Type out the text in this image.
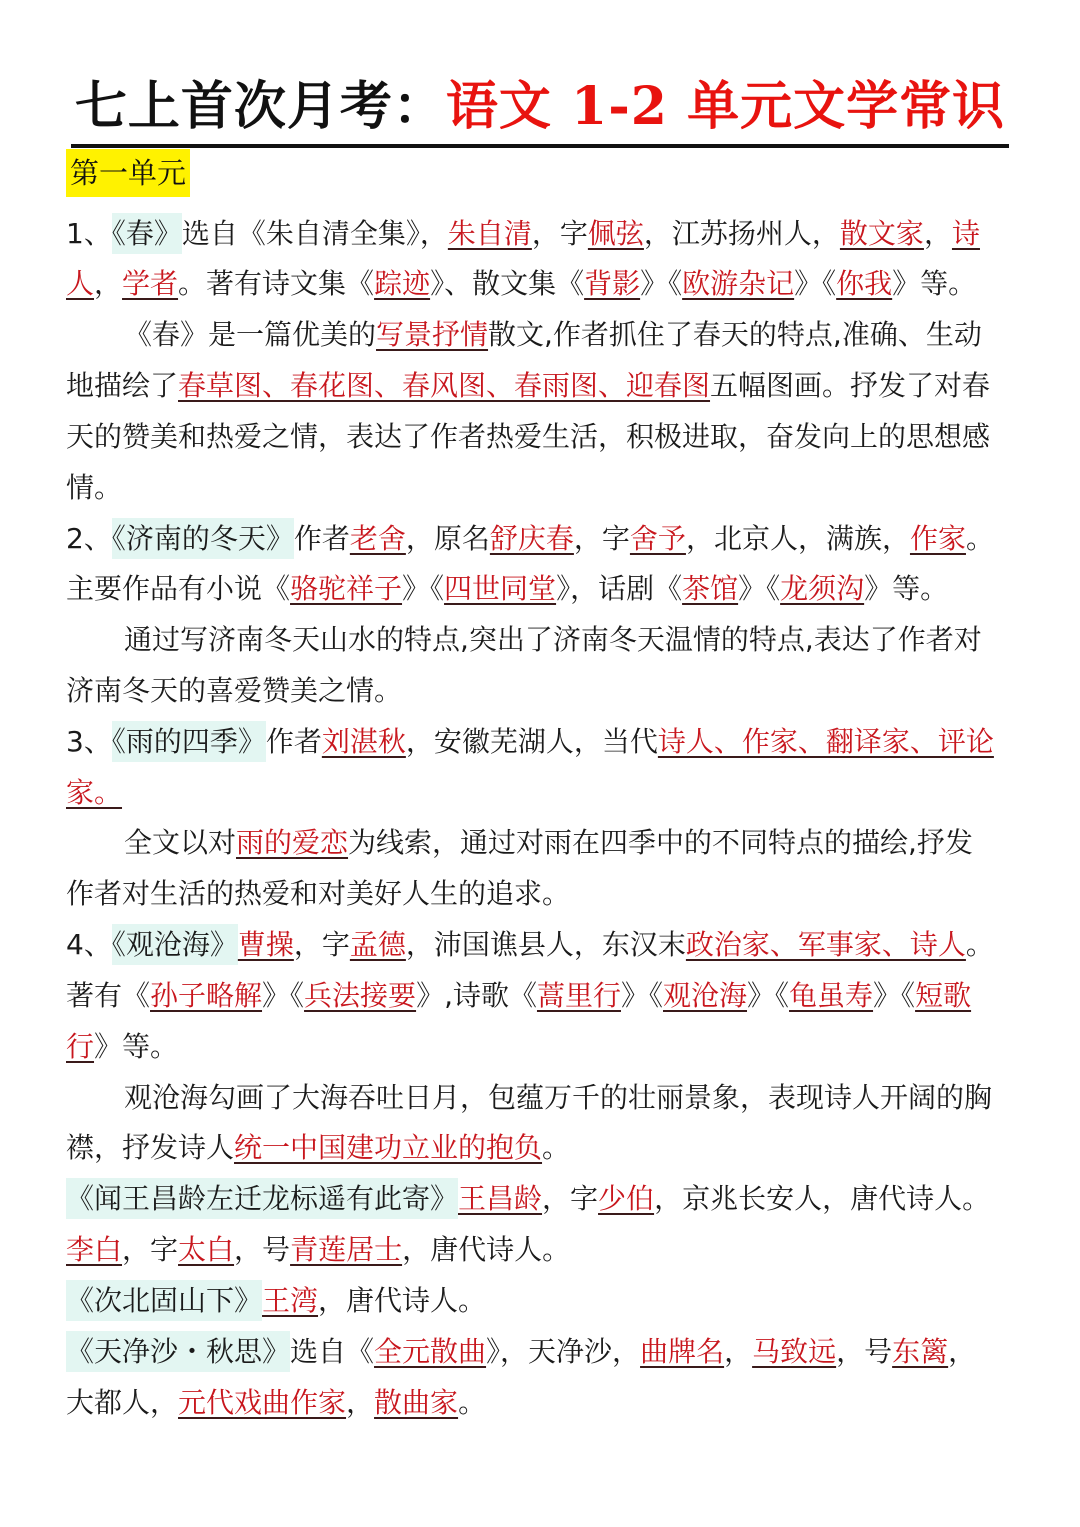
七上首次月考：语文 1-2 单元文学常识
第一单元
1、《春》选自《朱自清全集》，朱自清，字佩弦，江苏扬州人，散文家，诗
人，学者。著有诗文集《踪迹》、散文集《背影》《欧游杂记》《你我》等。
《春》是一篇优美的写景抒情散文,作者抓住了春天的特点,准确、生动
地描绘了春草图、春花图、春风图、春雨图、迎春图五幅图画。抒发了对春
天的赞美和热爱之情，表达了作者热爱生活，积极进取，奋发向上的思想感
情。
2、《济南的冬天》作者老舍，原名舒庆春，字舍予，北京人，满族，作家。
主要作品有小说《骆驼祥子》《四世同堂》，话剧《茶馆》《龙须沟》等。
通过写济南冬天山水的特点,突出了济南冬天温情的特点,表达了作者对
济南冬天的喜爱赞美之情。
3、《雨的四季》作者刘湛秋，安徽芜湖人，当代诗人、作家、翻译家、评论
家。
全文以对雨的爱恋为线索，通过对雨在四季中的不同特点的描绘,抒发
作者对生活的热爱和对美好人生的追求。
4、《观沧海》曹操，字孟德，沛国谯县人，东汉末政治家、军事家、诗人。
著有《孙子略解》《兵法接要》,诗歌《蒿里行》《观沧海》《龟虽寿》《短歌
行》等。
观沧海勾画了大海吞吐日月，包蕴万千的壮丽景象，表现诗人开阔的胸
襟，抒发诗人统一中国建功立业的抱负。
《闻王昌龄左迁龙标遥有此寄》王昌龄，字少伯，京兆长安人，唐代诗人。
李白，字太白，号青莲居士，唐代诗人。
《次北固山下》王湾，唐代诗人。
《天净沙・秋思》选自《全元散曲》，天净沙，曲牌名，马致远，号东篱，
大都人，元代戏曲作家，散曲家。
